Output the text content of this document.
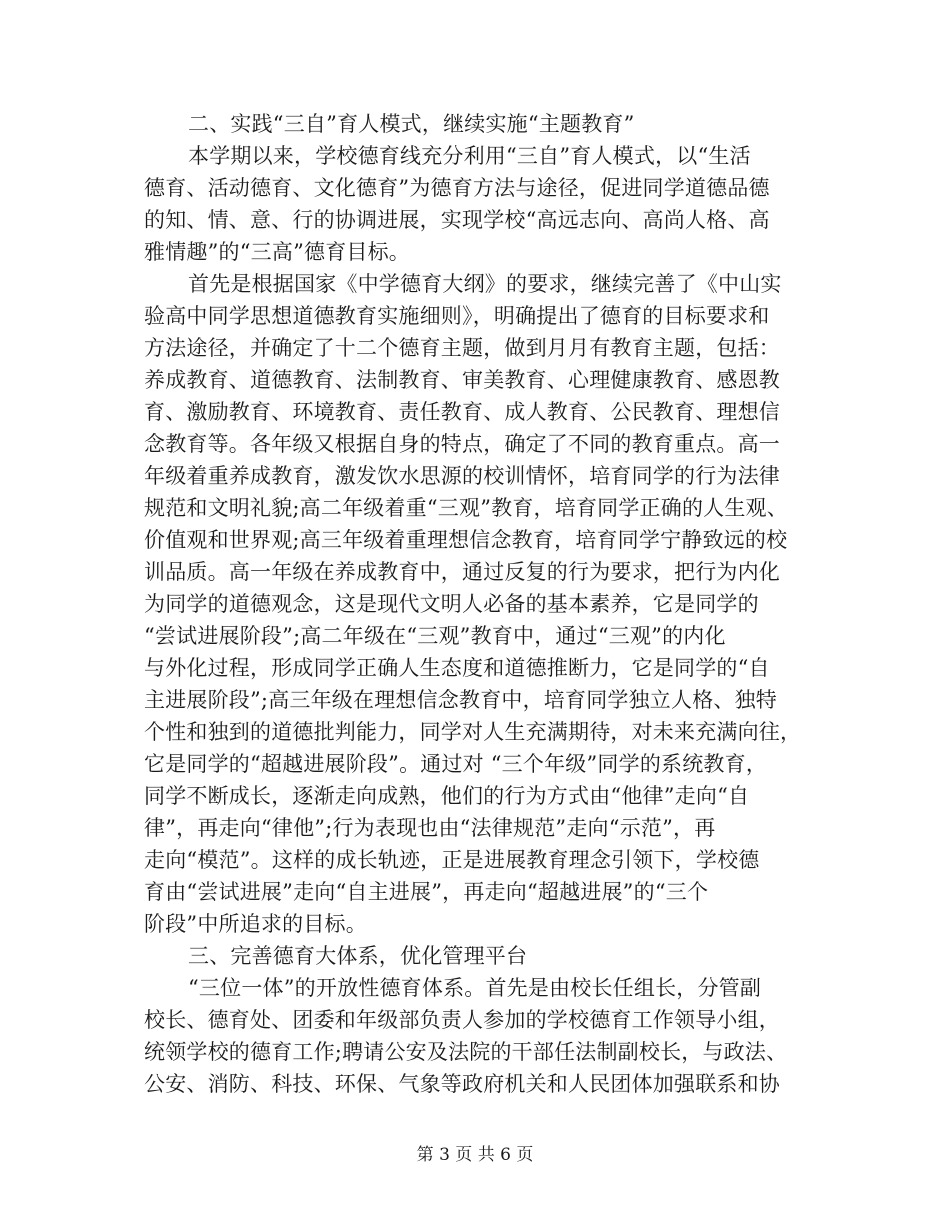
二、实践“三自”育人模式，继续实施“主题教育”
本学期以来，学校德育线充分利用“三自”育人模式，以“生活
德育、活动德育、文化德育”为德育方法与途径，促进同学道德品德
的知、情、意、行的协调进展，实现学校“高远志向、高尚人格、高
雅情趣”的“三高”德育目标。
首先是根据国家《中学德育大纲》的要求，继续完善了《中山实
验高中同学思想道德教育实施细则》，明确提出了德育的目标要求和
方法途径，并确定了十二个德育主题，做到月月有教育主题，包括：
养成教育、道德教育、法制教育、审美教育、心理健康教育、感恩教
育、激励教育、环境教育、责任教育、成人教育、公民教育、理想信
念教育等。各年级又根据自身的特点，确定了不同的教育重点。高一
年级着重养成教育，激发饮水思源的校训情怀，培育同学的行为法律
规范和文明礼貌;高二年级着重“三观”教育，培育同学正确的人生观、
价值观和世界观;高三年级着重理想信念教育，培育同学宁静致远的校
训品质。高一年级在养成教育中，通过反复的行为要求，把行为内化
为同学的道德观念，这是现代文明人必备的基本素养，它是同学的
“尝试进展阶段”;高二年级在“三观”教育中，通过“三观”的内化
与外化过程，形成同学正确人生态度和道德推断力，它是同学的“自
主进展阶段”;高三年级在理想信念教育中，培育同学独立人格、独特
个性和独到的道德批判能力，同学对人生充满期待，对未来充满向往，
它是同学的“超越进展阶段”。通过对 “三个年级”同学的系统教育，
同学不断成长，逐渐走向成熟，他们的行为方式由“他律”走向“自
律”，再走向“律他”;行为表现也由“法律规范”走向“示范”，再
走向“模范”。这样的成长轨迹，正是进展教育理念引领下，学校德
育由“尝试进展”走向“自主进展”，再走向“超越进展”的“三个
阶段”中所追求的目标。
三、完善德育大体系，优化管理平台
“三位一体”的开放性德育体系。首先是由校长任组长，分管副
校长、德育处、团委和年级部负责人参加的学校德育工作领导小组，
统领学校的德育工作;聘请公安及法院的干部任法制副校长，与政法、
公安、消防、科技、环保、气象等政府机关和人民团体加强联系和协
第 3 页 共 6 页
